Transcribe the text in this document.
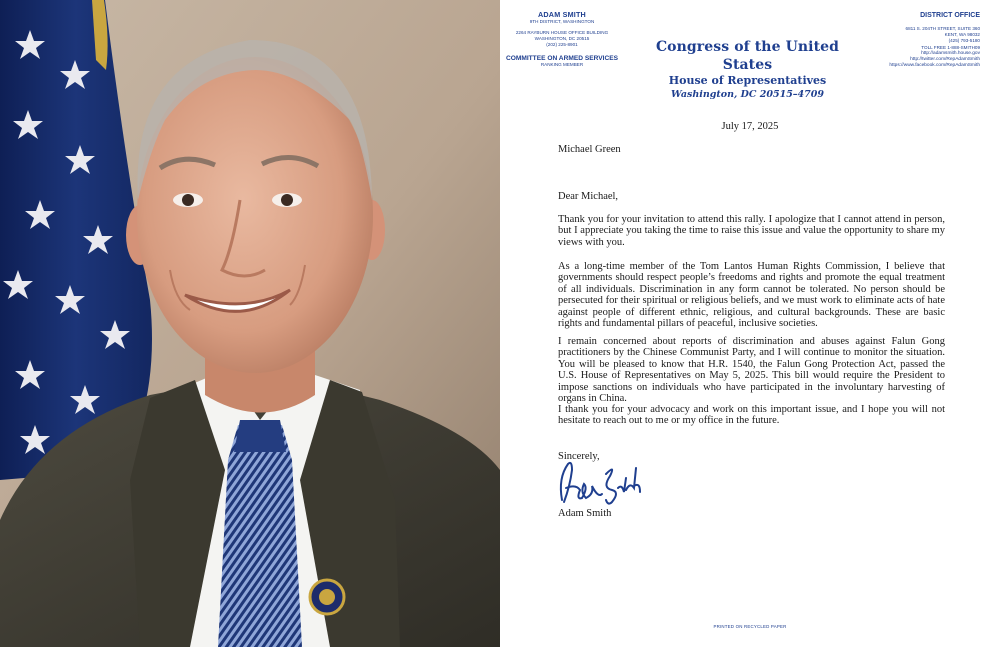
ADAM SMITH
9TH DISTRICT, WASHINGTON
2264 RAYBURN HOUSE OFFICE BUILDING
WASHINGTON, DC 20515
(202) 225-8901
COMMITTEE ON ARMED SERVICES
RANKING MEMBER
Congress of the United States
House of Representatives
Washington, DC 20515–4709
DISTRICT OFFICE
6811 S. 204TH STREET, SUITE 360
KENT, WA 98032
(425) 793-5180
TOLL FREE 1-888-SMITH09
http://adamsmith.house.gov
http://twitter.com/RepAdamSmith
https://www.facebook.com/RepAdamSmith
July 17, 2025
Michael Green
Dear Michael,

Thank you for your invitation to attend this rally. I apologize that I cannot attend in person, but I appreciate you taking the time to raise this issue and value the opportunity to share my views with you.

As a long-time member of the Tom Lantos Human Rights Commission, I believe that governments should respect people’s freedoms and rights and promote the equal treatment of all individuals. Discrimination in any form cannot be tolerated. No person should be persecuted for their spiritual or religious beliefs, and we must work to eliminate acts of hate against people of different ethnic, religious, and cultural backgrounds. These are basic rights and fundamental pillars of peaceful, inclusive societies.

I remain concerned about reports of discrimination and abuses against Falun Gong practitioners by the Chinese Communist Party, and I will continue to monitor the situation. You will be pleased to know that H.R. 1540, the Falun Gong Protection Act, passed the U.S. House of Representatives on May 5, 2025. This bill would require the President to impose sanctions on individuals who have participated in the involuntary harvesting of organs in China.

I thank you for your advocacy and work on this important issue, and I hope you will not hesitate to reach out to me or my office in the future.

Sincerely,
Adam Smith
PRINTED ON RECYCLED PAPER
